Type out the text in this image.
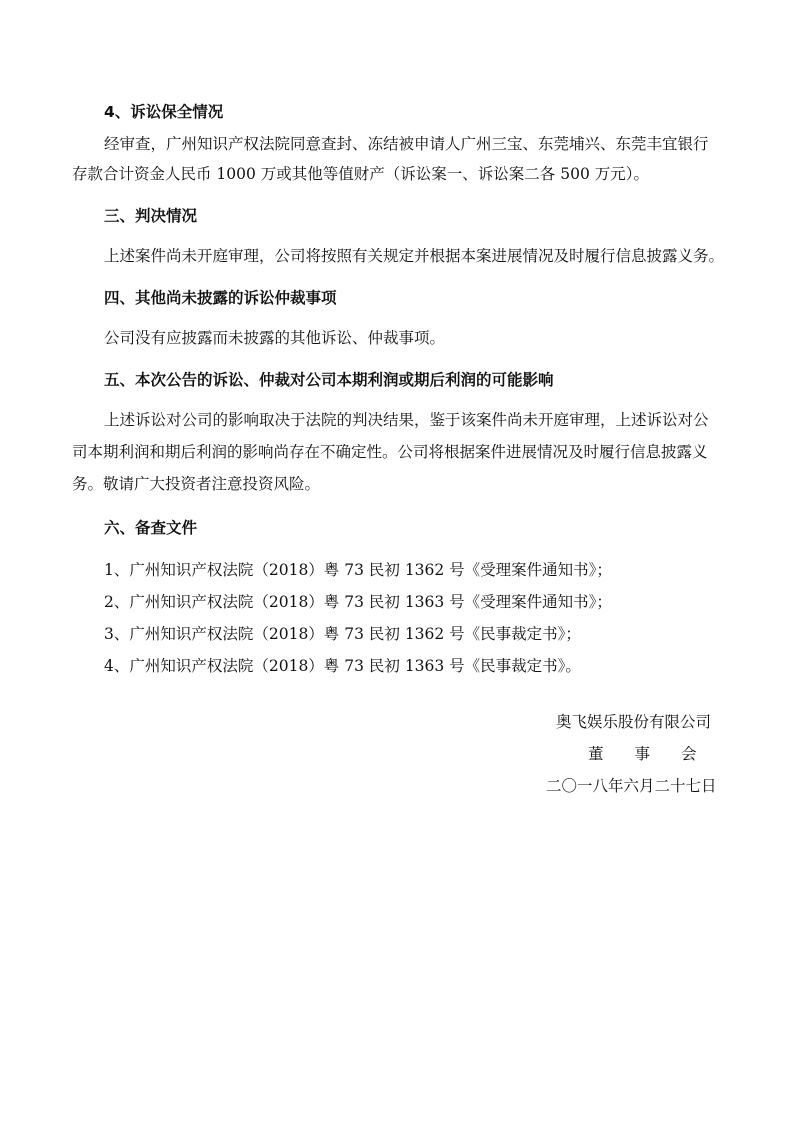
4、诉讼保全情况
经审查，广州知识产权法院同意查封、冻结被申请人广州三宝、东莞埔兴、东莞丰宜银行
存款合计资金人民币 1000 万或其他等值财产（诉讼案一、诉讼案二各 500 万元）。
三、判决情况
上述案件尚未开庭审理，公司将按照有关规定并根据本案进展情况及时履行信息披露义务。
四、其他尚未披露的诉讼仲裁事项
公司没有应披露而未披露的其他诉讼、仲裁事项。
五、本次公告的诉讼、仲裁对公司本期利润或期后利润的可能影响
上述诉讼对公司的影响取决于法院的判决结果，鉴于该案件尚未开庭审理，上述诉讼对公
司本期利润和期后利润的影响尚存在不确定性。公司将根据案件进展情况及时履行信息披露义
务。敬请广大投资者注意投资风险。
六、备查文件
1、广州知识产权法院（2018）粤 73 民初 1362 号《受理案件通知书》；
2、广州知识产权法院（2018）粤 73 民初 1363 号《受理案件通知书》；
3、广州知识产权法院（2018）粤 73 民初 1362 号《民事裁定书》；
4、广州知识产权法院（2018）粤 73 民初 1363 号《民事裁定书》。
奥飞娱乐股份有限公司
董　　事　　会
二〇一八年六月二十七日
